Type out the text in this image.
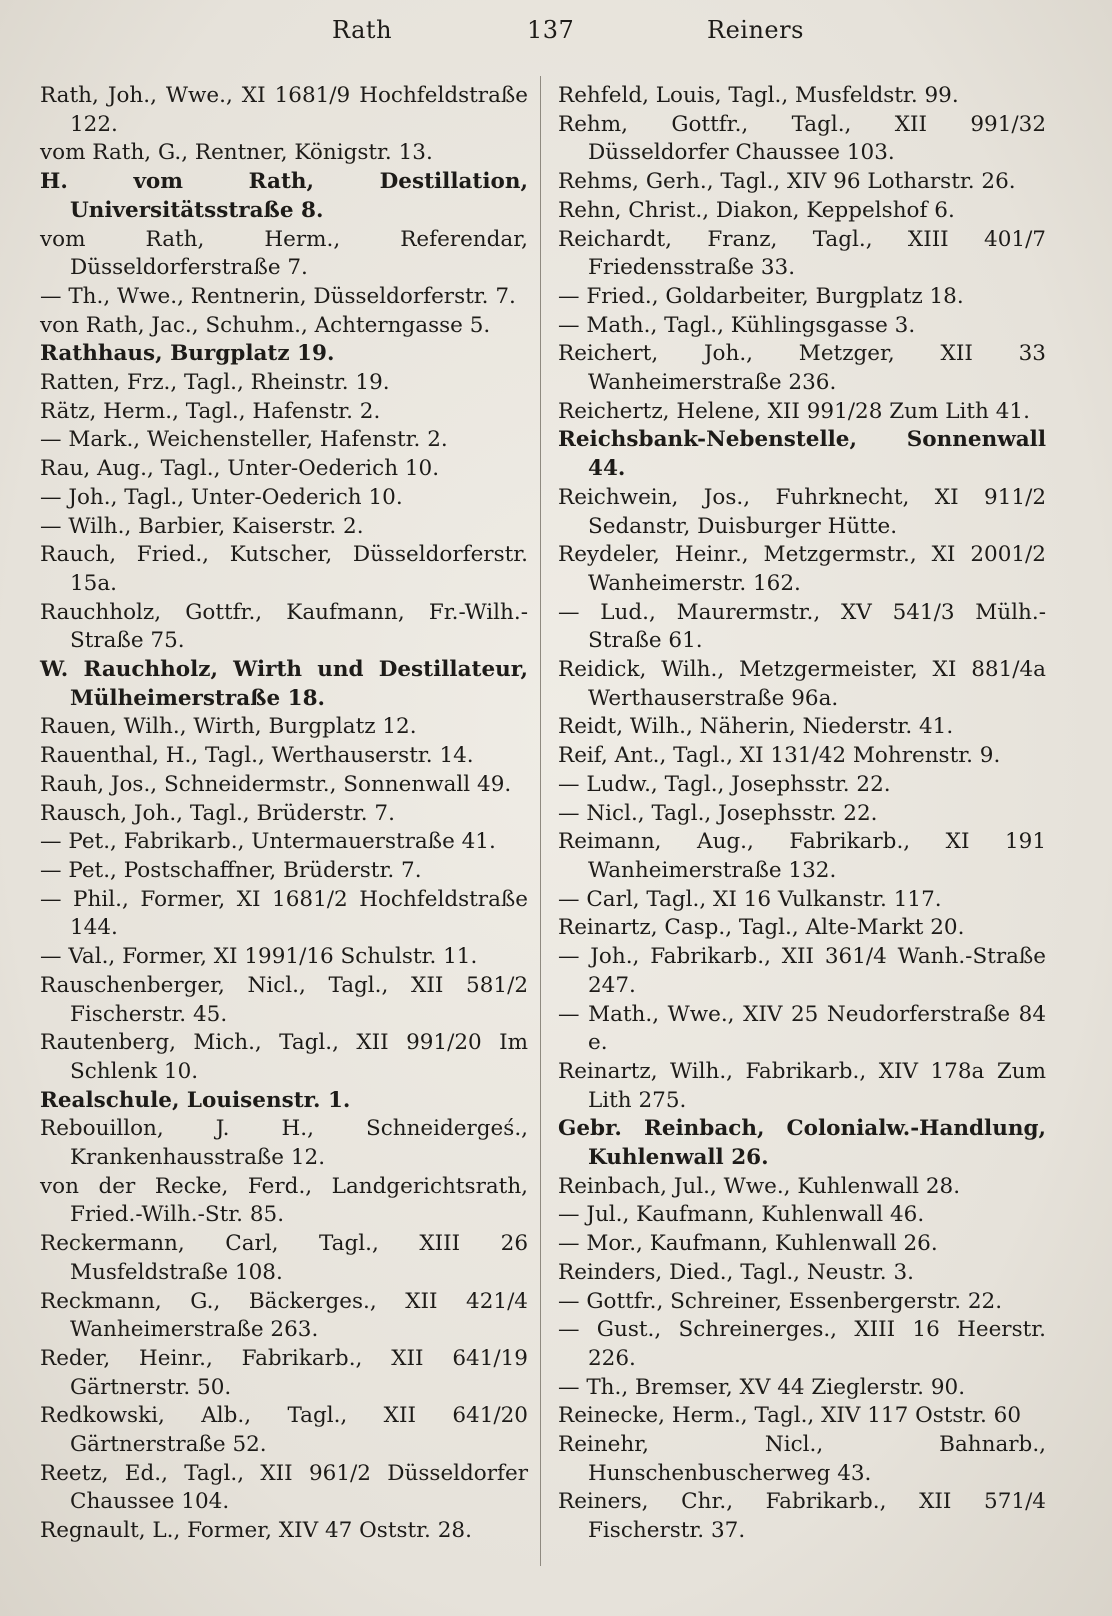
Rath	137	Reiners

Rath, Joh., Wwe., XI 1681/9 Hochfeldstraße 122.

vom Rath, G., Rentner, Königstr. 13.

H. vom Rath, Destillation, Universitätsstraße 8.

vom Rath, Herm., Referendar, Düsseldorferstraße 7.

— Th., Wwe., Rentnerin, Düsseldorferstr. 7.

von Rath, Jac., Schuhm., Achterngasse 5.

Rathhaus, Burgplatz 19.

Ratten, Frz., Tagl., Rheinstr. 19.

Rätz, Herm., Tagl., Hafenstr. 2.

— Mark., Weichensteller, Hafenstr. 2.

Rau, Aug., Tagl., Unter-Oederich 10.

— Joh., Tagl., Unter-Oederich 10.

— Wilh., Barbier, Kaiserstr. 2.

Rauch, Fried., Kutscher, Düsseldorferstr. 15a.

Rauchholz, Gottfr., Kaufmann, Fr.-Wilh.-Straße 75.

W. Rauchholz, Wirth und Destillateur, Mülheimerstraße 18.

Rauen, Wilh., Wirth, Burgplatz 12.

Rauenthal, H., Tagl., Werthauserstr. 14.

Rauh, Jos., Schneidermstr., Sonnenwall 49.

Rausch, Joh., Tagl., Brüderstr. 7.

— Pet., Fabrikarb., Untermauerstraße 41.

— Pet., Postschaffner, Brüderstr. 7.

— Phil., Former, XI 1681/2 Hochfeldstraße 144.

— Val., Former, XI 1991/16 Schulstr. 11.

Rauschenberger, Nicl., Tagl., XII 581/2 Fischerstr. 45.

Rautenberg, Mich., Tagl., XII 991/20 Im Schlenk 10.

Realschule, Louisenstr. 1.

Rebouillon, J. H., Schneidergeś., Krankenhausstraße 12.

von der Recke, Ferd., Landgerichtsrath, Fried.-Wilh.-Str. 85.

Reckermann, Carl, Tagl., XIII 26 Musfeldstraße 108.

Reckmann, G., Bäckerges., XII 421/4 Wanheimerstraße 263.

Reder, Heinr., Fabrikarb., XII 641/19 Gärtnerstr. 50.

Redkowski, Alb., Tagl., XII 641/20 Gärtnerstraße 52.

Reetz, Ed., Tagl., XII 961/2 Düsseldorfer Chaussee 104.

Regnault, L., Former, XIV 47 Oststr. 28.

Rehfeld, Louis, Tagl., Musfeldstr. 99.

Rehm, Gottfr., Tagl., XII 991/32 Düsseldorfer Chaussee 103.

Rehms, Gerh., Tagl., XIV 96 Lotharstr. 26.

Rehn, Christ., Diakon, Keppelshof 6.

Reichardt, Franz, Tagl., XIII 401/7 Friedensstraße 33.

— Fried., Goldarbeiter, Burgplatz 18.

— Math., Tagl., Kühlingsgasse 3.

Reichert, Joh., Metzger, XII 33 Wanheimerstraße 236.

Reichertz, Helene, XII 991/28 Zum Lith 41.

Reichsbank-Nebenstelle, Sonnenwall 44.

Reichwein, Jos., Fuhrknecht, XI 911/2 Sedanstr, Duisburger Hütte.

Reydeler, Heinr., Metzgermstr., XI 2001/2 Wanheimerstr. 162.

— Lud., Maurermstr., XV 541/3 Mülh.-Straße 61.

Reidick, Wilh., Metzgermeister, XI 881/4a Werthauserstraße 96a.

Reidt, Wilh., Näherin, Niederstr. 41.

Reif, Ant., Tagl., XI 131/42 Mohrenstr. 9.

— Ludw., Tagl., Josephsstr. 22.

— Nicl., Tagl., Josephsstr. 22.

Reimann, Aug., Fabrikarb., XI 191 Wanheimerstraße 132.

— Carl, Tagl., XI 16 Vulkanstr. 117.

Reinartz, Casp., Tagl., Alte-Markt 20.

— Joh., Fabrikarb., XII 361/4 Wanh.-Straße 247.

— Math., Wwe., XIV 25 Neudorferstraße 84 e.

Reinartz, Wilh., Fabrikarb., XIV 178a Zum Lith 275.

Gebr. Reinbach, Colonialw.-Handlung, Kuhlenwall 26.

Reinbach, Jul., Wwe., Kuhlenwall 28.

— Jul., Kaufmann, Kuhlenwall 46.

— Mor., Kaufmann, Kuhlenwall 26.

Reinders, Died., Tagl., Neustr. 3.

— Gottfr., Schreiner, Essenbergerstr. 22.

— Gust., Schreinerges., XIII 16 Heerstr. 226.

— Th., Bremser, XV 44 Zieglerstr. 90.

Reinecke, Herm., Tagl., XIV 117 Oststr. 60

Reinehr, Nicl., Bahnarb., Hunschenbuscherweg 43.

Reiners, Chr., Fabrikarb., XII 571/4 Fischerstr. 37.
